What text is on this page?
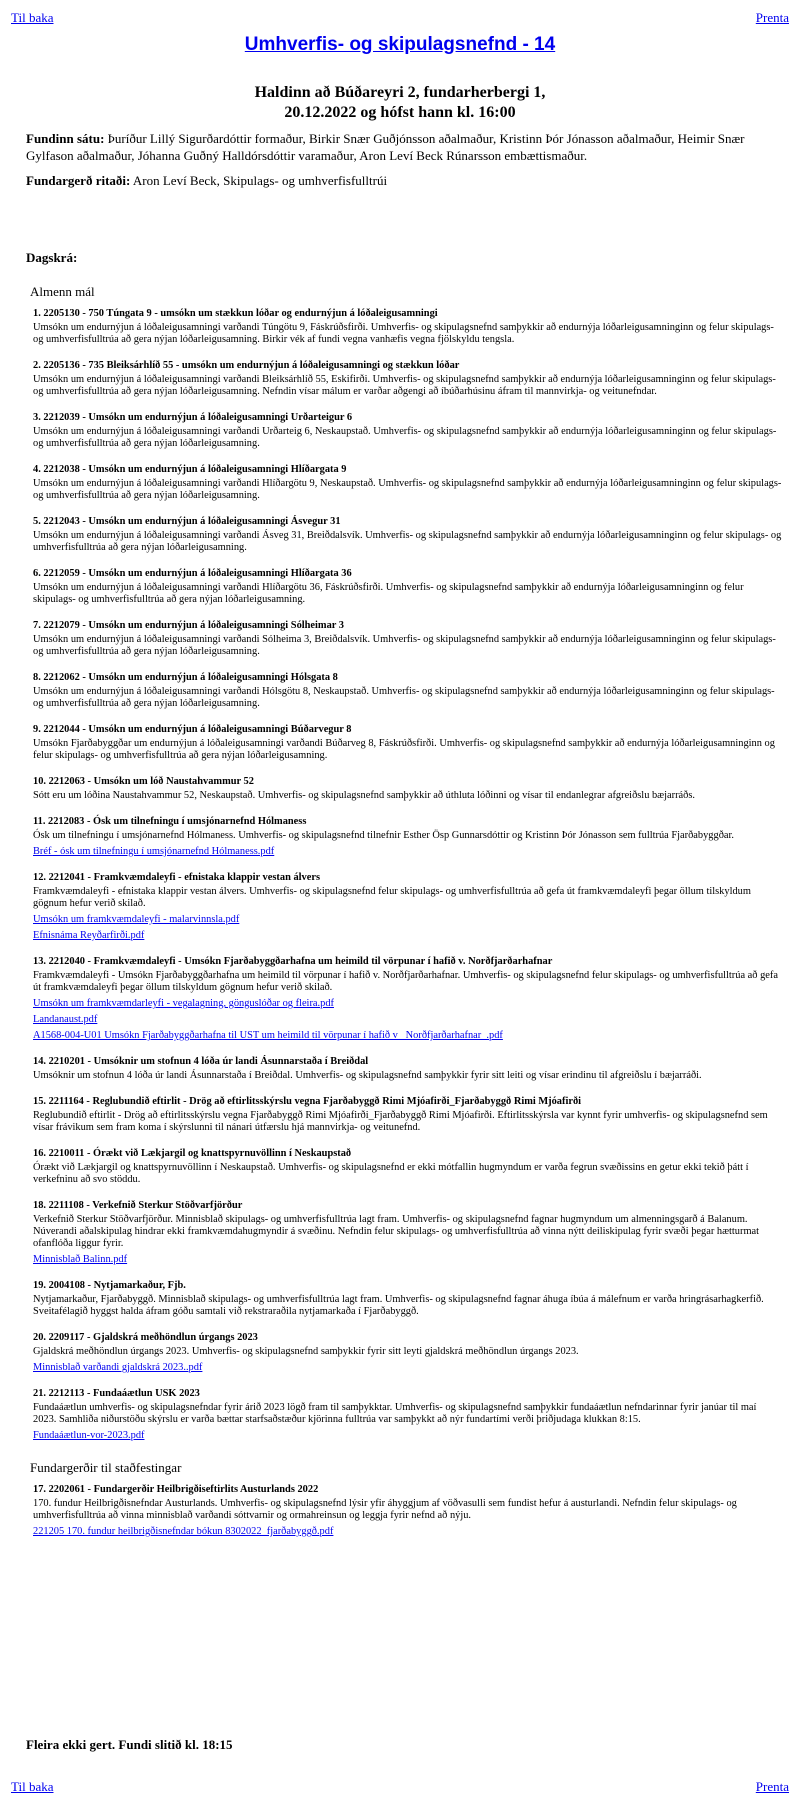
Til baka	Prenta
Umhverfis- og skipulagsnefnd - 14
Haldinn að Búðareyri 2, fundarherbergi 1,
20.12.2022 og hófst hann kl. 16:00
Fundinn sátu: Þuríður Lillý Sigurðardóttir formaður, Birkir Snær Guðjónsson aðalmaður, Kristinn Þór Jónasson aðalmaður, Heimir Snær Gylfason aðalmaður, Jóhanna Guðný Halldórsdóttir varamaður, Aron Leví Beck Rúnarsson embættismaður.
Fundargerð ritaði: Aron Leví Beck, Skipulags- og umhverfisfulltrúi
Dagskrá:
Almenn mál
1. 2205130 - 750 Túngata 9 - umsókn um stækkun lóðar og endurnýjun á lóðaleigusamningi
Umsókn um endurnýjun á lóðaleigusamningi varðandi Túngötu 9, Fáskrúðsfirði. Umhverfis- og skipulagsnefnd samþykkir að endurnýja lóðarleigusamninginn og felur skipulags- og umhverfisfulltrúa að gera nýjan lóðarleigusamning. Birkir vék af fundi vegna vanhæfis vegna fjölskyldu tengsla.
2. 2205136 - 735 Bleiksárhlíð 55 - umsókn um endurnýjun á lóðaleigusamningi og stækkun lóðar
Umsókn um endurnýjun á lóðaleigusamningi varðandi Bleiksárhlíð 55, Eskifirði. Umhverfis- og skipulagsnefnd samþykkir að endurnýja lóðarleigusamninginn og felur skipulags- og umhverfisfulltrúa að gera nýjan lóðarleigusamning. Nefndin vísar málum er varðar aðgengi að íbúðarhúsinu áfram til mannvirkja- og veitunefndar.
3. 2212039 - Umsókn um endurnýjun á lóðaleigusamningi Urðarteigur 6
Umsókn um endurnýjun á lóðaleigusamningi varðandi Urðarteig 6, Neskaupstað. Umhverfis- og skipulagsnefnd samþykkir að endurnýja lóðarleigusamninginn og felur skipulags- og umhverfisfulltrúa að gera nýjan lóðarleigusamning.
4. 2212038 - Umsókn um endurnýjun á lóðaleigusamningi Hlíðargata 9
Umsókn um endurnýjun á lóðaleigusamningi varðandi Hlíðargötu 9, Neskaupstað. Umhverfis- og skipulagsnefnd samþykkir að endurnýja lóðarleigusamninginn og felur skipulags- og umhverfisfulltrúa að gera nýjan lóðarleigusamning.
5. 2212043 - Umsókn um endurnýjun á lóðaleigusamningi Ásvegur 31
Umsókn um endurnýjun á lóðaleigusamningi varðandi Ásveg 31, Breiðdalsvík. Umhverfis- og skipulagsnefnd samþykkir að endurnýja lóðarleigusamninginn og felur skipulags- og umhverfisfulltrúa að gera nýjan lóðarleigusamning.
6. 2212059 - Umsókn um endurnýjun á lóðaleigusamningi Hlíðargata 36
Umsókn um endurnýjun á lóðaleigusamningi varðandi Hlíðargötu 36, Fáskrúðsfirði. Umhverfis- og skipulagsnefnd samþykkir að endurnýja lóðarleigusamninginn og felur skipulags- og umhverfisfulltrúa að gera nýjan lóðarleigusamning.
7. 2212079 - Umsókn um endurnýjun á lóðaleigusamningi Sólheimar 3
Umsókn um endurnýjun á lóðaleigusamningi varðandi Sólheima 3, Breiðdalsvík. Umhverfis- og skipulagsnefnd samþykkir að endurnýja lóðarleigusamninginn og felur skipulags- og umhverfisfulltrúa að gera nýjan lóðarleigusamning.
8. 2212062 - Umsókn um endurnýjun á lóðaleigusamningi Hólsgata 8
Umsókn um endurnýjun á lóðaleigusamningi varðandi Hólsgötu 8, Neskaupstað. Umhverfis- og skipulagsnefnd samþykkir að endurnýja lóðarleigusamninginn og felur skipulags- og umhverfisfulltrúa að gera nýjan lóðarleigusamning.
9. 2212044 - Umsókn um endurnýjun á lóðaleigusamningi Búðarvegur 8
Umsókn Fjarðabyggðar um endurnýjun á lóðaleigusamningi varðandi Búðarveg 8, Fáskrúðsfirði. Umhverfis- og skipulagsnefnd samþykkir að endurnýja lóðarleigusamninginn og felur skipulags- og umhverfisfulltrúa að gera nýjan lóðarleigusamning.
10. 2212063 - Umsókn um lóð Naustahvammur 52
Sótt eru um lóðina Naustahvammur 52, Neskaupstað. Umhverfis- og skipulagsnefnd samþykkir að úthluta lóðinni og vísar til endanlegrar afgreiðslu bæjarráðs.
11. 2212083 - Ósk um tilnefningu í umsjónarnefnd Hólmaness
Ósk um tilnefningu í umsjónarnefnd Hólmaness. Umhverfis- og skipulagsnefnd tilnefnir Esther Ösp Gunnarsdóttir og Kristinn Þór Jónasson sem fulltrúa Fjarðabyggðar.
Bréf - ósk um tilnefningu í umsjónarnefnd Hólmaness.pdf
12. 2212041 - Framkvæmdaleyfi - efnistaka klappir vestan álvers
Framkvæmdaleyfi - efnistaka klappir vestan álvers. Umhverfis- og skipulagsnefnd felur skipulags- og umhverfisfulltrúa að gefa út framkvæmdaleyfi þegar öllum tilskyldum gögnum hefur verið skilað.
Umsókn um framkvæmdaleyfi - malarvinnsla.pdf
Efnisnáma Reyðarfirði.pdf
13. 2212040 - Framkvæmdaleyfi - Umsókn Fjarðabyggðarhafna um heimild til vörpunar í hafið v. Norðfjarðarhafnar
Framkvæmdaleyfi - Umsókn Fjarðabyggðarhafna um heimild til vörpunar í hafið v. Norðfjarðarhafnar. Umhverfis- og skipulagsnefnd felur skipulags- og umhverfisfulltrúa að gefa út framkvæmdaleyfi þegar öllum tilskyldum gögnum hefur verið skilað.
Umsókn um framkvæmdarleyfi - vegalagning, gönguslóðar og fleira.pdf
Landanaust.pdf
A1568-004-U01 Umsókn Fjarðabyggðarhafna til UST um heimild til vörpunar í hafið v _Norðfjarðarhafnar_.pdf
14. 2210201 - Umsóknir um stofnun 4 lóða úr landi Ásunnarstaða í Breiðdal
Umsóknir um stofnun 4 lóða úr landi Ásunnarstaða í Breiðdal. Umhverfis- og skipulagsnefnd samþykkir fyrir sitt leiti og vísar erindinu til afgreiðslu í bæjarráði.
15. 2211164 - Reglubundið eftirlit - Drög að eftirlitsskýrslu vegna Fjarðabyggð Rimi Mjóafirði_Fjarðabyggð Rimi Mjóafirði
Reglubundið eftirlit - Drög að eftirlitsskýrslu vegna Fjarðabyggð Rimi Mjóafirði_Fjarðabyggð Rimi Mjóafirði. Eftirlitsskýrsla var kynnt fyrir umhverfis- og skipulagsnefnd sem vísar frávikum sem fram koma í skýrslunni til nánari útfærslu hjá mannvirkja- og veitunefnd.
16. 2210011 - Órækt við Lækjargil og knattspyrnuvöllinn í Neskaupstað
Órækt við Lækjargil og knattspyrnuvöllinn í Neskaupstað. Umhverfis- og skipulagsnefnd er ekki mótfallin hugmyndum er varða fegrun svæðissins en getur ekki tekið þátt í verkefninu að svo stöddu.
18. 2211108 - Verkefnið Sterkur Stöðvarfjörður
Verkefnið Sterkur Stöðvarfjörður. Minnisblað skipulags- og umhverfisfulltrúa lagt fram. Umhverfis- og skipulagsnefnd fagnar hugmyndum um almenningsgarð á Balanum. Núverandi aðalskipulag hindrar ekki framkvæmdahugmyndir á svæðinu. Nefndin felur skipulags- og umhverfisfulltrúa að vinna nýtt deiliskipulag fyrir svæði þegar hætturmat ofanflóða liggur fyrir.
Minnisblað Balinn.pdf
19. 2004108 - Nytjamarkaður, Fjb.
Nytjamarkaður, Fjarðabyggð. Minnisblað skipulags- og umhverfisfulltrúa lagt fram. Umhverfis- og skipulagsnefnd fagnar áhuga íbúa á málefnum er varða hringrásarhagkerfið. Sveitafélagið hyggst halda áfram góðu samtali við rekstraraðila nytjamarkaða í Fjarðabyggð.
20. 2209117 - Gjaldskrá meðhöndlun úrgangs 2023
Gjaldskrá meðhöndlun úrgangs 2023. Umhverfis- og skipulagsnefnd samþykkir fyrir sitt leyti gjaldskrá meðhöndlun úrgangs 2023.
Minnisblað varðandi gjaldskrá 2023..pdf
21. 2212113 - Fundaáætlun USK 2023
Fundaáætlun umhverfis- og skipulagsnefndar fyrir árið 2023 lögð fram til samþykktar. Umhverfis- og skipulagsnefnd samþykkir fundaáætlun nefndarinnar fyrir janúar til maí 2023. Samhliða niðurstöðu skýrslu er varða bættar starfsaðstæður kjörinna fulltrúa var samþykkt að nýr fundartími verði þriðjudaga klukkan 8:15.
Fundaáætlun-vor-2023.pdf
Fundargerðir til staðfestingar
17. 2202061 - Fundargerðir Heilbrigðiseftirlits Austurlands 2022
170. fundur Heilbrigðisnefndar Austurlands. Umhverfis- og skipulagsnefnd lýsir yfir áhyggjum af vöðvasulli sem fundist hefur á austurlandi. Nefndin felur skipulags- og umhverfisfulltrúa að vinna minnisblað varðandi sóttvarnir og ormahreinsun og leggja fyrir nefnd að nýju.
221205 170. fundur heilbrigðisnefndar bókun 8302022_fjarðabyggð.pdf
Fleira ekki gert. Fundi slitið kl. 18:15
Til baka	Prenta
